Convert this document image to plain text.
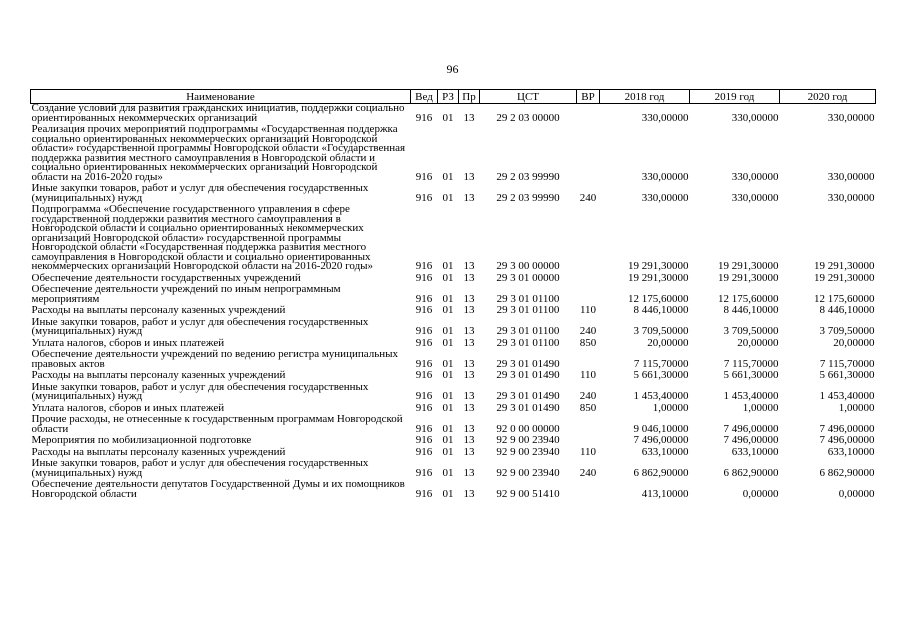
96
Наименование	Вед	РЗ	Пр	ЦСТ	ВР	2018 год	2019 год	2020 год
Создание условий для развития гражданских инициатив, поддержки социально ориентированных некоммерческих организаций	916	01	13	29 2 03 00000		330,00000	330,00000	330,00000
Реализация прочих мероприятий подпрограммы «Государственная поддержка социально ориентированных некоммерческих организаций Новгородской области» государственной программы Новгородской области «Государственная поддержка развития местного самоуправления в Новгородской области и социально ориентированных некоммерческих организаций Новгородской области на 2016-2020 годы»	916	01	13	29 2 03 99990		330,00000	330,00000	330,00000
Иные закупки товаров, работ и услуг для обеспечения государственных (муниципальных) нужд	916	01	13	29 2 03 99990	240	330,00000	330,00000	330,00000
Подпрограмма «Обеспечение государственного управления в сфере государственной поддержки развития местного самоуправления в Новгородской области и социально ориентированных некоммерческих организаций Новгородской области» государственной программы Новгородской области «Государственная поддержка развития местного самоуправления в Новгородской области и социально ориентированных некоммерческих организаций Новгородской области на 2016-2020 годы»	916	01	13	29 3 00 00000		19 291,30000	19 291,30000	19 291,30000
Обеспечение деятельности государственных учреждений	916	01	13	29 3 01 00000		19 291,30000	19 291,30000	19 291,30000
Обеспечение деятельности учреждений по иным непрограммным мероприятиям	916	01	13	29 3 01 01100		12 175,60000	12 175,60000	12 175,60000
Расходы на выплаты персоналу казенных учреждений	916	01	13	29 3 01 01100	110	8 446,10000	8 446,10000	8 446,10000
Иные закупки товаров, работ и услуг для обеспечения государственных (муниципальных) нужд	916	01	13	29 3 01 01100	240	3 709,50000	3 709,50000	3 709,50000
Уплата налогов, сборов и иных платежей	916	01	13	29 3 01 01100	850	20,00000	20,00000	20,00000
Обеспечение деятельности учреждений по ведению регистра муниципальных правовых актов	916	01	13	29 3 01 01490		7 115,70000	7 115,70000	7 115,70000
Расходы на выплаты персоналу казенных учреждений	916	01	13	29 3 01 01490	110	5 661,30000	5 661,30000	5 661,30000
Иные закупки товаров, работ и услуг для обеспечения государственных (муниципальных) нужд	916	01	13	29 3 01 01490	240	1 453,40000	1 453,40000	1 453,40000
Уплата налогов, сборов и иных платежей	916	01	13	29 3 01 01490	850	1,00000	1,00000	1,00000
Прочие расходы, не отнесенные к государственным программам Новгородской области	916	01	13	92 0 00 00000		9 046,10000	7 496,00000	7 496,00000
Мероприятия по мобилизационной подготовке	916	01	13	92 9 00 23940		7 496,00000	7 496,00000	7 496,00000
Расходы на выплаты персоналу казенных учреждений	916	01	13	92 9 00 23940	110	633,10000	633,10000	633,10000
Иные закупки товаров, работ и услуг для обеспечения государственных (муниципальных) нужд	916	01	13	92 9 00 23940	240	6 862,90000	6 862,90000	6 862,90000
Обеспечение деятельности депутатов Государственной Думы и их помощников Новгородской области	916	01	13	92 9 00 51410		413,10000	0,00000	0,00000
